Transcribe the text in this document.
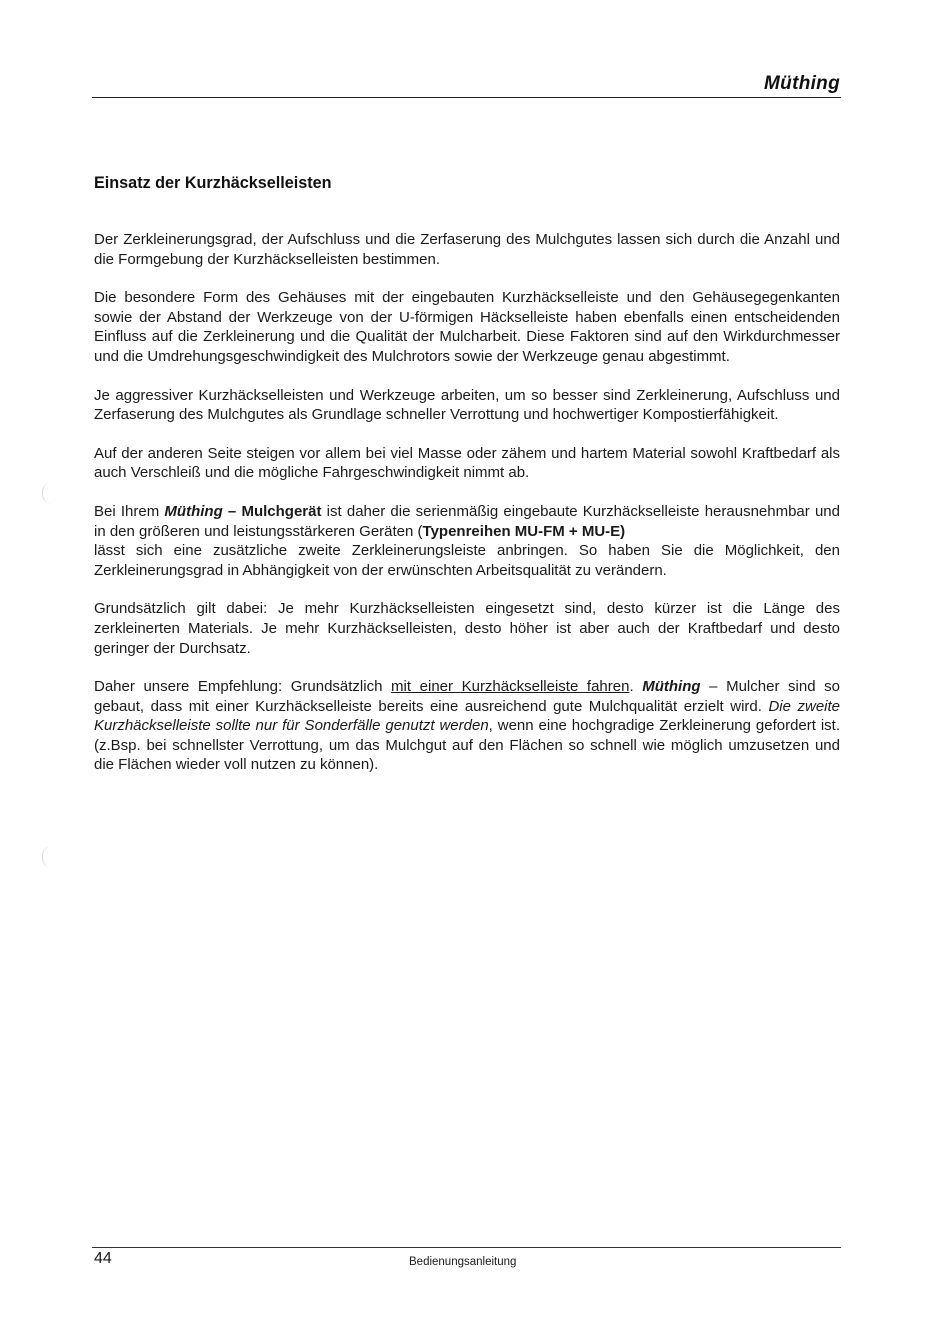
Müthing
Einsatz der Kurzhäckselleisten

Der Zerkleinerungsgrad, der Aufschluss und die Zerfaserung des Mulchgutes lassen sich durch die Anzahl und die Formgebung der Kurzhäckselleisten bestimmen.

Die besondere Form des Gehäuses mit der eingebauten Kurzhäckselleiste und den Gehäusegegenkanten sowie der Abstand der Werkzeuge von der U-förmigen Häckselleiste haben ebenfalls einen entscheidenden Einfluss auf die Zerkleinerung und die Qualität der Mulcharbeit. Diese Faktoren sind auf den Wirkdurchmesser und die Umdrehungsgeschwindigkeit des Mulchrotors sowie der Werkzeuge genau abgestimmt.

Je aggressiver Kurzhäckselleisten und Werkzeuge arbeiten, um so besser sind Zerkleinerung, Aufschluss und Zerfaserung des Mulchgutes als Grundlage schneller Verrottung und hochwertiger Kompostierfähigkeit.

Auf der anderen Seite steigen vor allem bei viel Masse oder zähem und hartem Material sowohl Kraftbedarf als auch Verschleiß und die mögliche Fahrgeschwindigkeit nimmt ab.

Bei Ihrem Müthing – Mulchgerät ist daher die serienmäßig eingebaute Kurzhäckselleiste herausnehmbar und in den größeren und leistungsstärkeren Geräten (Typenreihen MU-FM + MU-E)
lässt sich eine zusätzliche zweite Zerkleinerungsleiste anbringen. So haben Sie die Möglichkeit, den Zerkleinerungsgrad in Abhängigkeit von der erwünschten Arbeitsqualität zu verändern.

Grundsätzlich gilt dabei: Je mehr Kurzhäckselleisten eingesetzt sind, desto kürzer ist die Länge des zerkleinerten Materials. Je mehr Kurzhäckselleisten, desto höher ist aber auch der Kraftbedarf und desto geringer der Durchsatz.

Daher unsere Empfehlung: Grundsätzlich mit einer Kurzhäckselleiste fahren. Müthing – Mulcher sind so gebaut, dass mit einer Kurzhäckselleiste bereits eine ausreichend gute Mulchqualität erzielt wird. Die zweite Kurzhäckselleiste sollte nur für Sonderfälle genutzt werden, wenn eine hochgradige Zerkleinerung gefordert ist.(z.Bsp. bei schnellster Verrottung, um das Mulchgut auf den Flächen so schnell wie möglich umzusetzen und die Flächen wieder voll nutzen zu können).

44	Bedienungsanleitung
